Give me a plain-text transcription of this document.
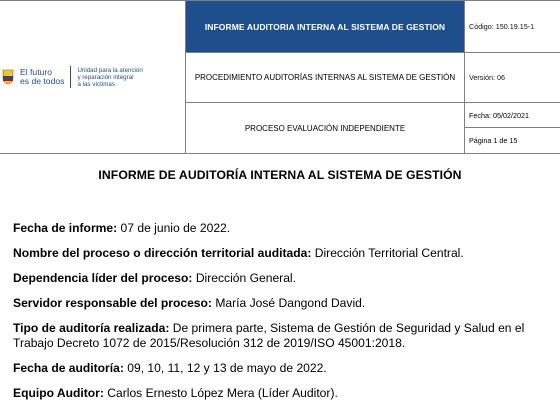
El futuro
es de todos
Unidad para la atención
y reparación integral
a las víctimas	INFORME AUDITORIA INTERNA AL SISTEMA DE GESTION	Código: 150.19.15-1
	PROCEDIMIENTO AUDITORÍAS INTERNAS AL SISTEMA DE GESTIÓN	Versión: 06
	PROCESO EVALUACIÓN INDEPENDIENTE	Fecha: 05/02/2021
Página 1 de 15
INFORME DE AUDITORÍA INTERNA AL SISTEMA DE GESTIÓN
Fecha de informe: 07 de junio de 2022.
Nombre del proceso o dirección territorial auditada: Dirección Territorial Central.
Dependencia líder del proceso: Dirección General.
Servidor responsable del proceso: María José Dangond David.
Tipo de auditoría realizada: De primera parte, Sistema de Gestión de Seguridad y Salud en el Trabajo Decreto 1072 de 2015/Resolución 312 de 2019/ISO 45001:2018.
Fecha de auditoría: 09, 10, 11, 12 y 13 de mayo de 2022.
Equipo Auditor: Carlos Ernesto López Mera (Líder Auditor).
